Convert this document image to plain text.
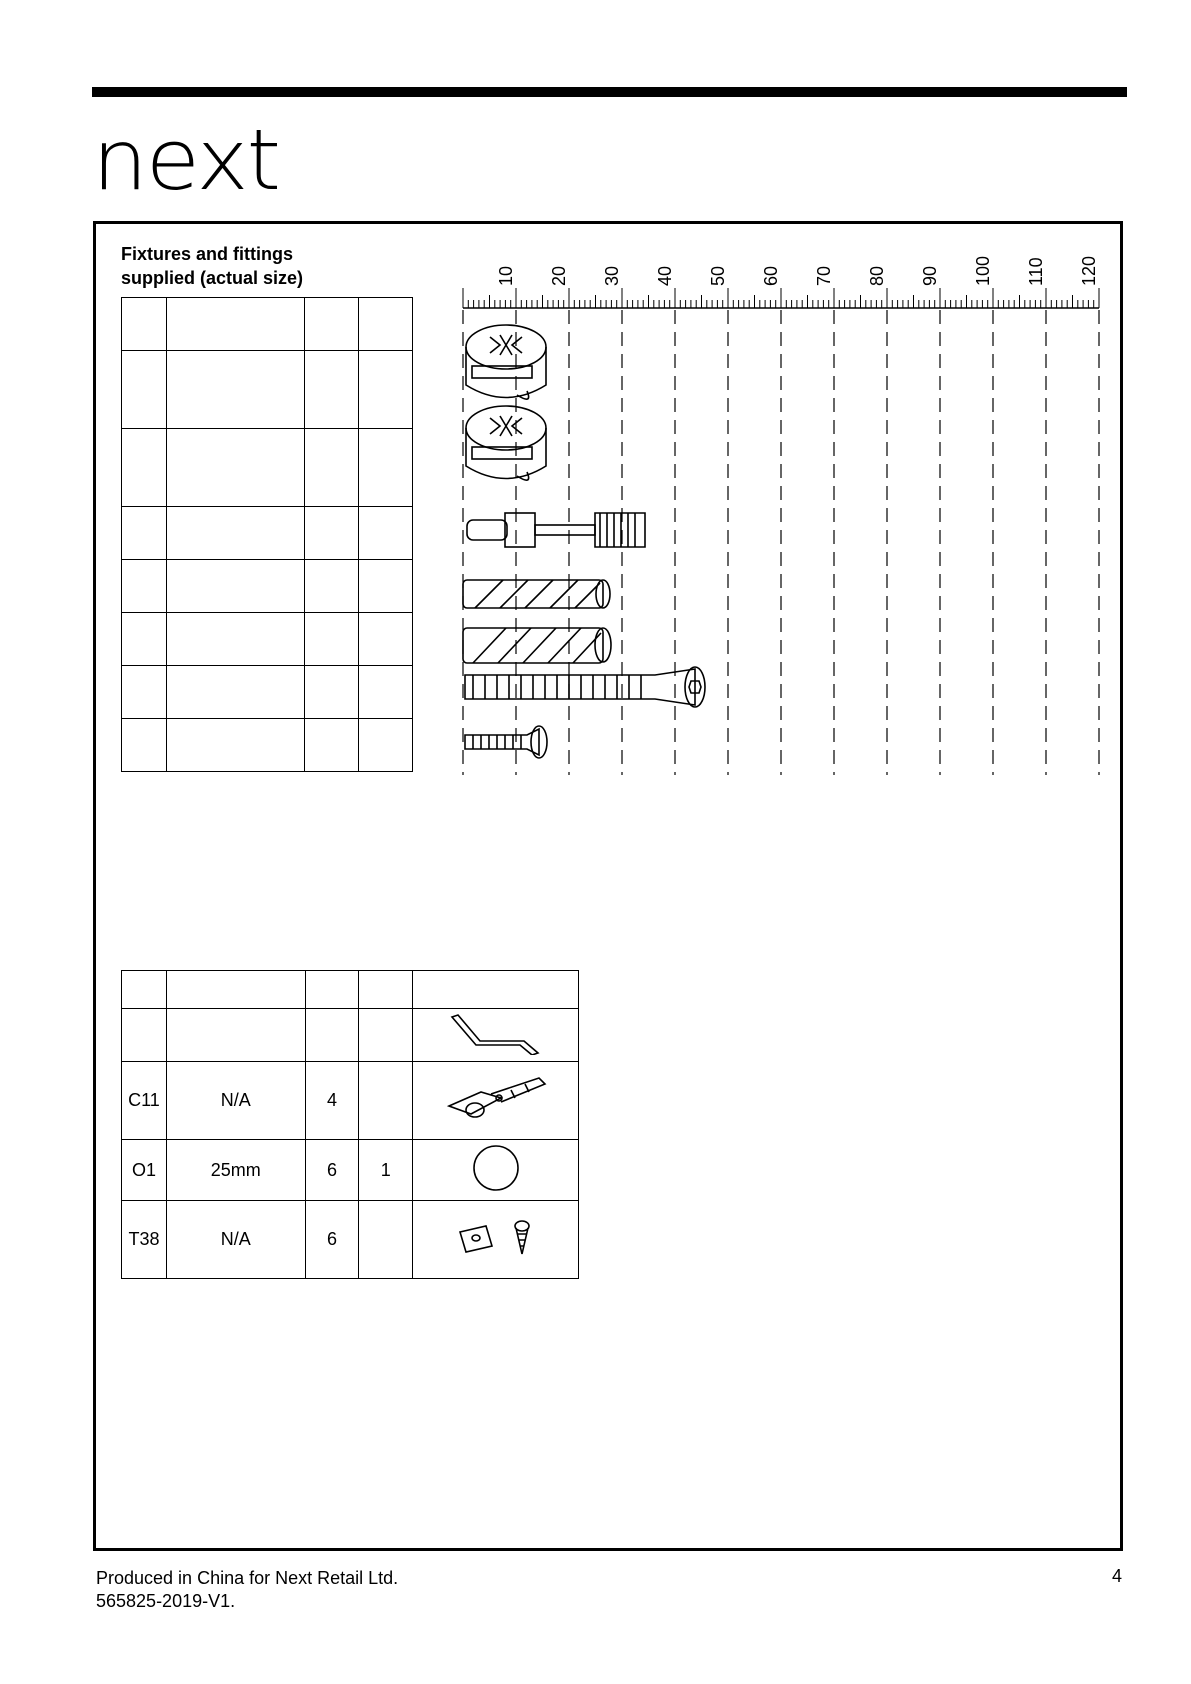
next
Fixtures and fittings
supplied (actual size)

				10 20 30 40 50 60 70 80 90 100 110 120

C11	N/A	4		
O1	25mm	6	1	
T38	N/A	6		
Produced in China for Next Retail Ltd.
565825-2019-V1.
4
